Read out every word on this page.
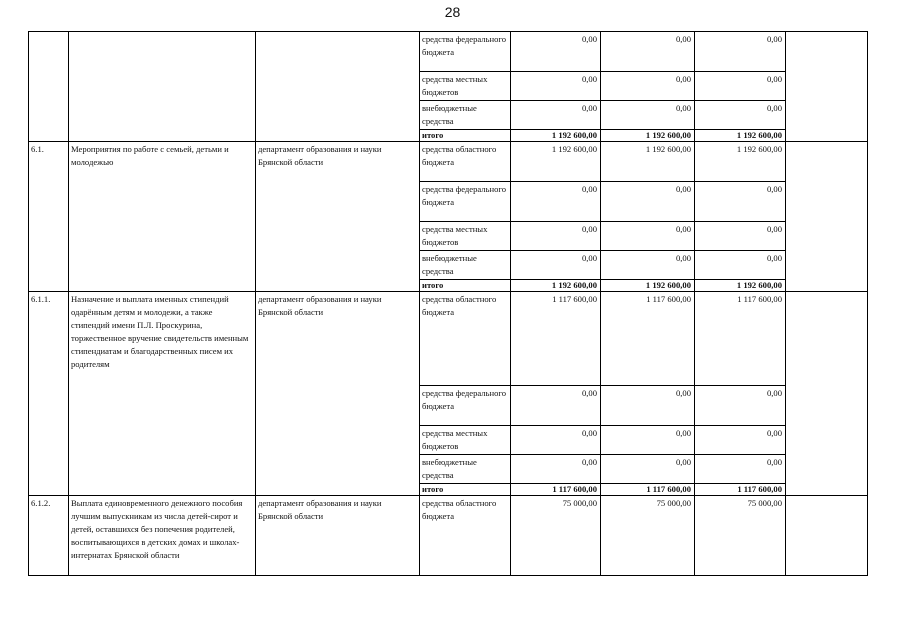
28
			средства федерального бюджета	0,00	0,00	0,00	
			средства местных бюджетов	0,00	0,00	0,00	
			внебюджетные средства	0,00	0,00	0,00	
			итого	1 192 600,00	1 192 600,00	1 192 600,00	
6.1.	Мероприятия по работе с семьей, детьми и молодежью	департамент образования и науки Брянской области	средства областного бюджета	1 192 600,00	1 192 600,00	1 192 600,00	
			средства федерального бюджета	0,00	0,00	0,00	
			средства местных бюджетов	0,00	0,00	0,00	
			внебюджетные средства	0,00	0,00	0,00	
			итого	1 192 600,00	1 192 600,00	1 192 600,00	
6.1.1.	Назначение и выплата именных стипендий одарённым детям и молодежи, а также стипендий имени П.Л. Проскурина, торжественное вручение свидетельств именным стипендиатам и благодарственных писем их родителям	департамент образования и науки Брянской области	средства областного бюджета	1 117 600,00	1 117 600,00	1 117 600,00	
			средства федерального бюджета	0,00	0,00	0,00	
			средства местных бюджетов	0,00	0,00	0,00	
			внебюджетные средства	0,00	0,00	0,00	
			итого	1 117 600,00	1 117 600,00	1 117 600,00	
6.1.2.	Выплата единовременного денежного пособия лучшим выпускникам из числа детей-сирот и детей, оставшихся без попечения родителей, воспитывающихся в детских домах и школах-интернатах Брянской области	департамент образования и науки Брянской области	средства областного бюджета	75 000,00	75 000,00	75 000,00	
